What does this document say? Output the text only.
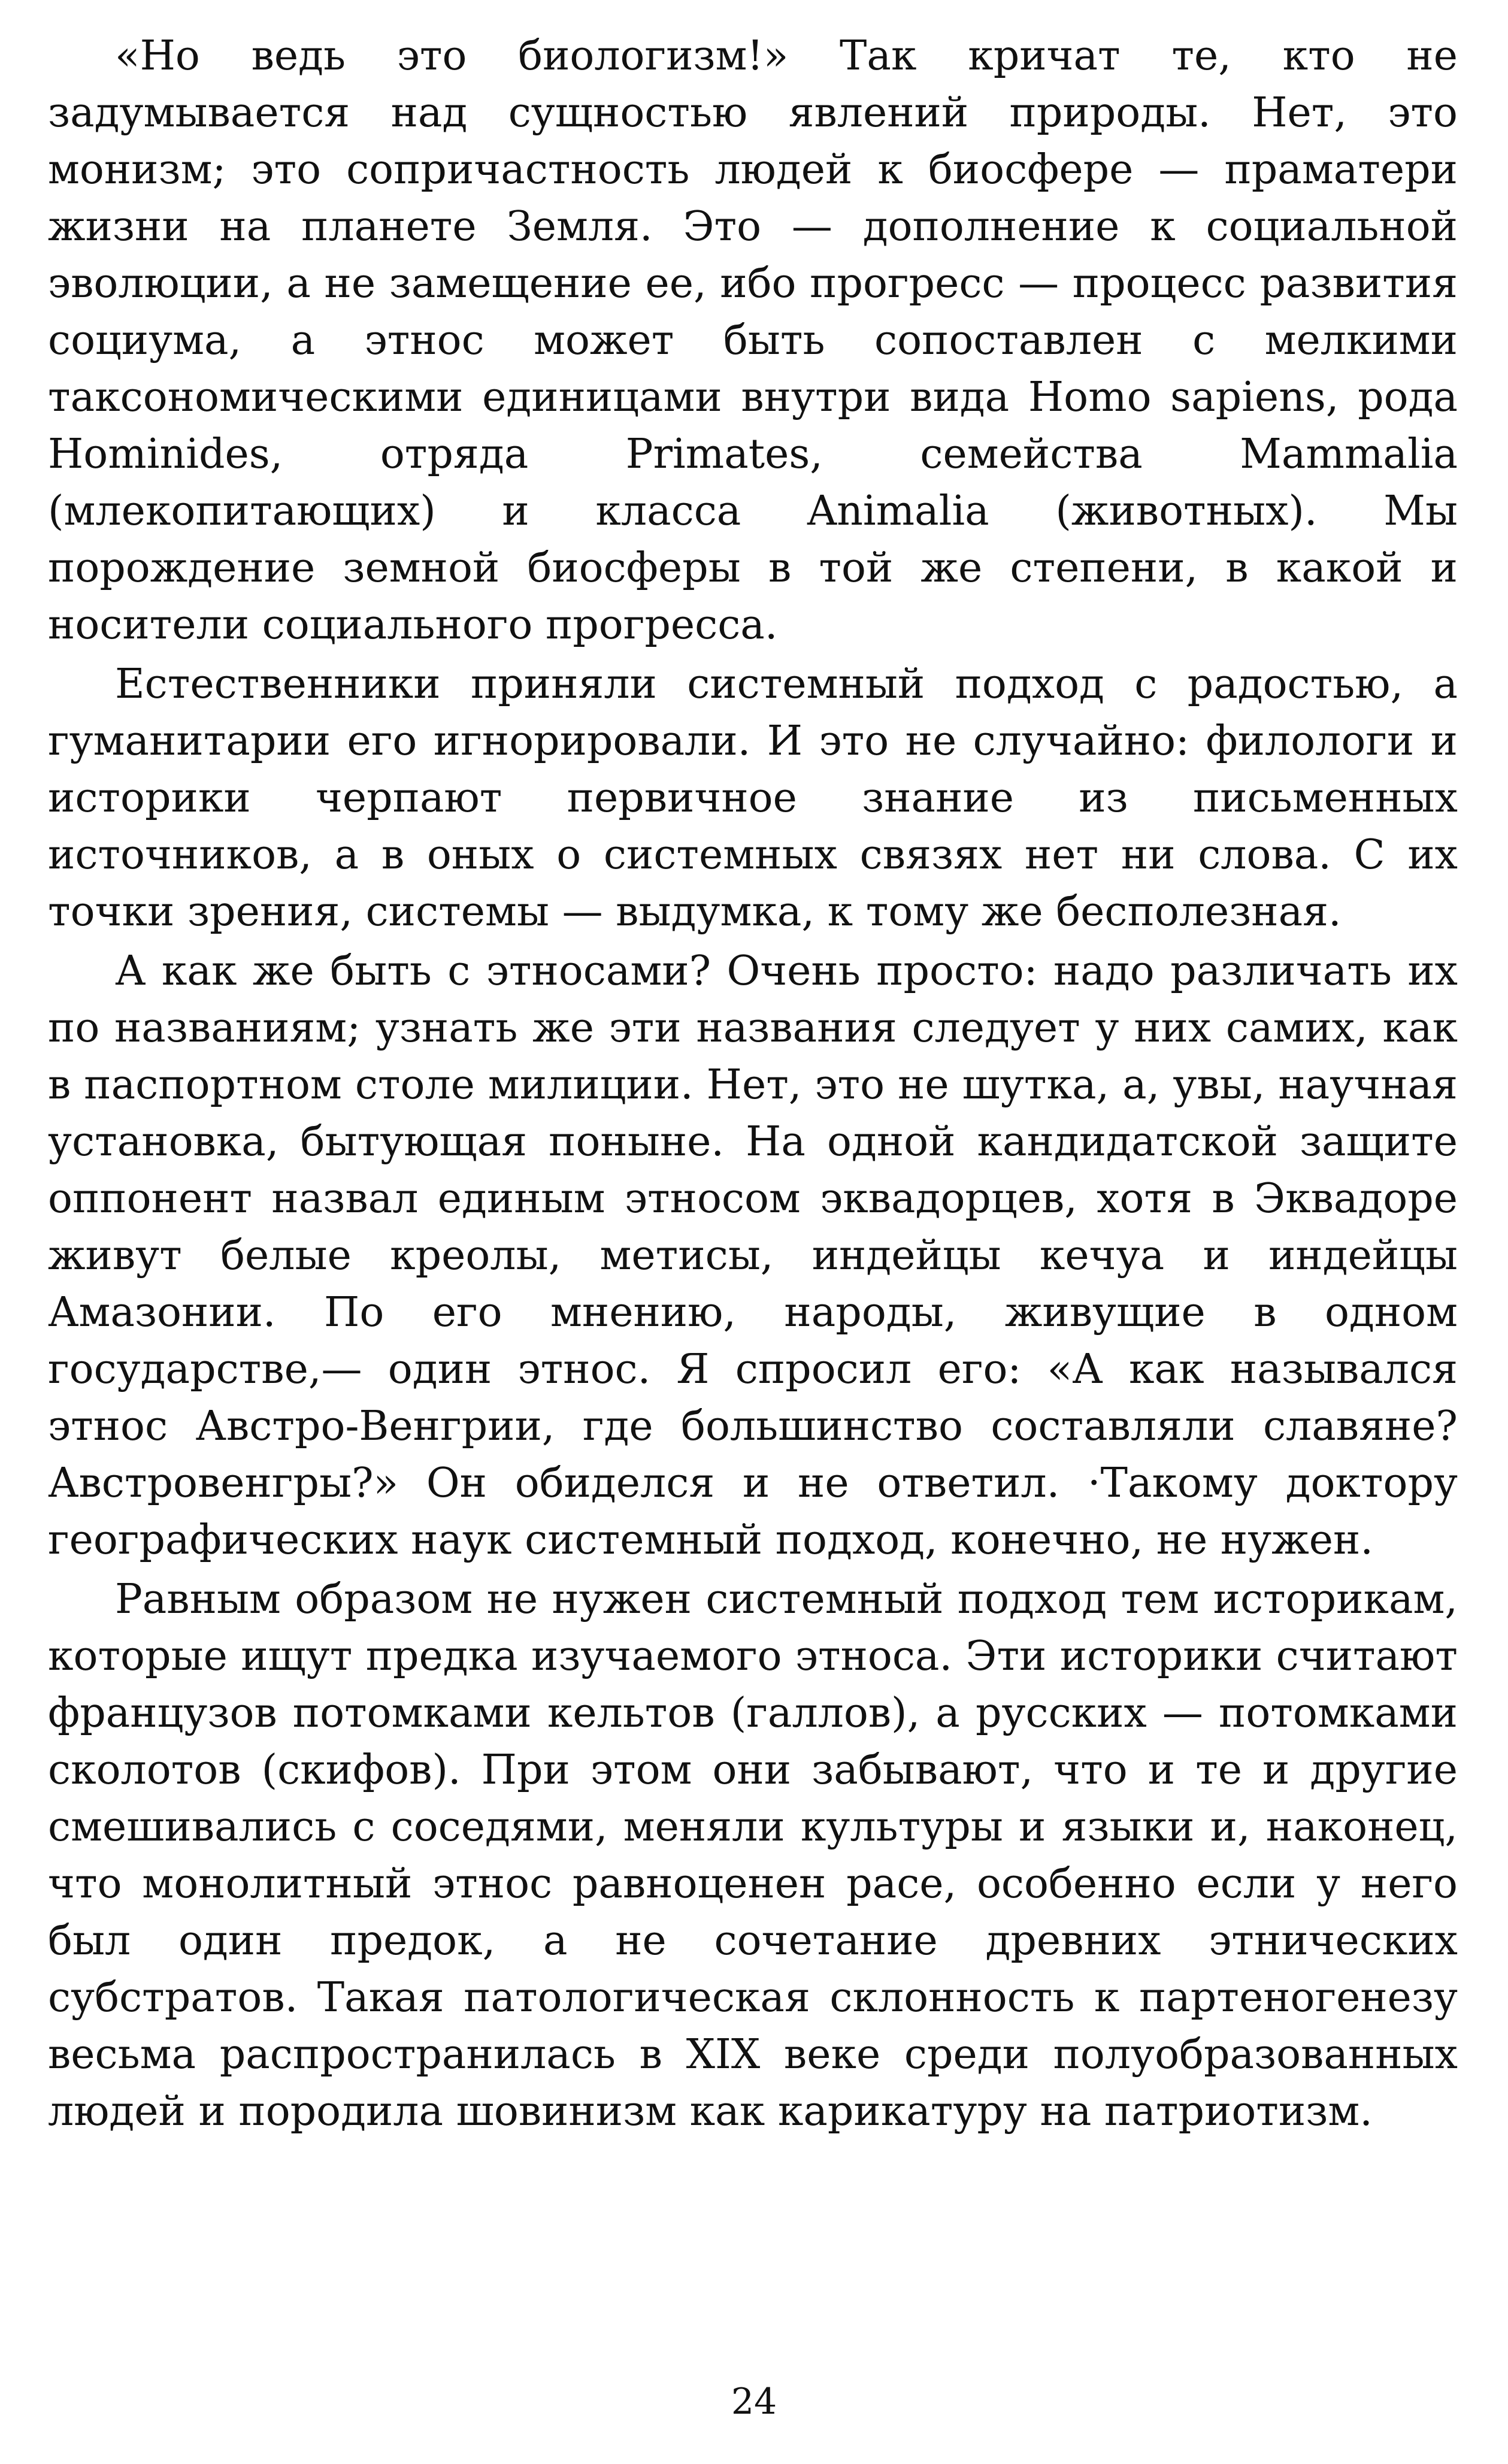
«Но ведь это биологизм!» Так кричат те, кто не задумывается над сущностью явлений природы. Нет, это монизм; это сопричастность людей к биосфере — праматери жизни на планете Земля. Это — дополнение к социальной эволюции, а не замещение ее, ибо прогресс — процесс развития социума, а этнос может быть сопоставлен с мелкими таксономическими единицами внутри вида Homo sapiens, рода Hominides, отряда Primates, семейства Mammalia (млекопитающих) и класса Animalia (животных). Мы порождение земной биосферы в той же степени, в какой и носители социального прогресса.

Естественники приняли системный подход с радостью, а гуманитарии его игнорировали. И это не случайно: филологи и историки черпают первичное знание из письменных источников, а в оных о системных связях нет ни слова. С их точки зрения, системы — выдумка, к тому же бесполезная.

А как же быть с этносами? Очень просто: надо различать их по названиям; узнать же эти названия следует у них самих, как в паспортном столе милиции. Нет, это не шутка, а, увы, научная установка, бытующая поныне. На одной кандидатской защите оппонент назвал единым этносом эквадорцев, хотя в Эквадоре живут белые креолы, метисы, индейцы кечуа и индейцы Амазонии. По его мнению, народы, живущие в одном государстве,— один этнос. Я спросил его: «А как назывался этнос Австро-Венгрии, где большинство составляли славяне? Австровенгры?» Он обиделся и не ответил. ·Такому доктору географических наук системный подход, конечно, не нужен.

Равным образом не нужен системный подход тем историкам, которые ищут предка изучаемого этноса. Эти историки считают французов потомками кельтов (галлов), а русских — потомками сколотов (скифов). При этом они забывают, что и те и другие смешивались с соседями, меняли культуры и языки и, наконец, что монолитный этнос равноценен расе, особенно если у него был один предок, а не сочетание древних этнических субстратов. Такая патологическая склонность к партеногенезу весьма распространилась в XIX веке среди полуобразованных людей и породила шовинизм как карикатуру на патриотизм.

24
